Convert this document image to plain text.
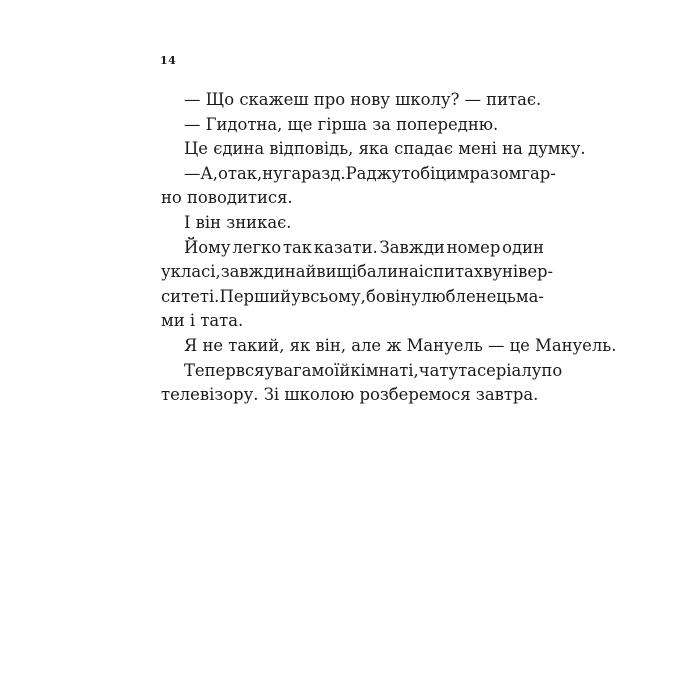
14
— Що скажеш про нову школу? — питає.
— Гидотна, ще гірша за попередню.
Це єдина відповідь, яка спадає мені на думку.
— А, отак, ну гаразд. Раджу тобі цим разом гар-
но поводитися.
І він зникає.
Йому легко так казати. Завжди номер один
у класі, завжди найвищі бали на іспитах в універ-
ситеті. Перший у всьому, бо він улюбленець ма-
ми і тата.
Я не такий, як він, але ж Мануель — це Мануель.
Тепер вся увага моїй кімнаті, чату та серіалу по
телевізору. Зі школою розберемося завтра.
